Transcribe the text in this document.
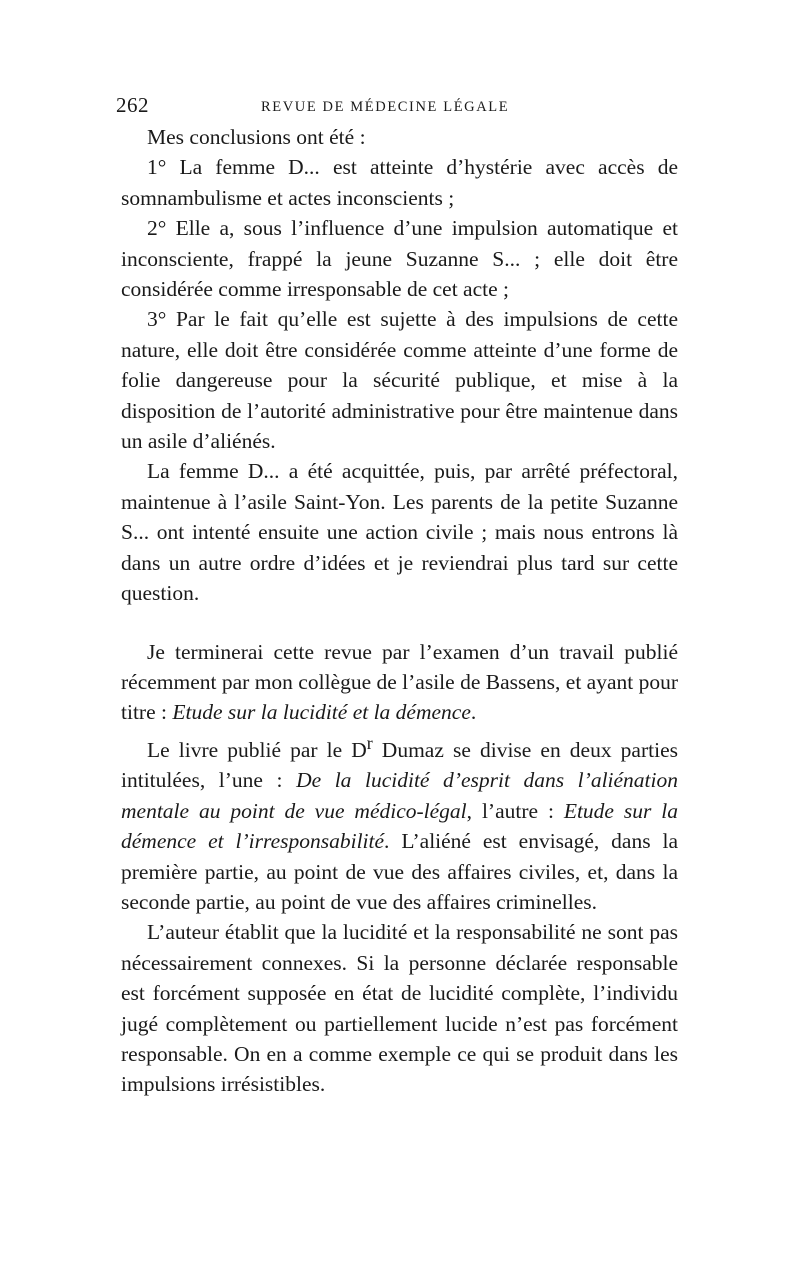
262	REVUE DE MÉDECINE LÉGALE

Mes conclusions ont été :

1° La femme D... est atteinte d’hystérie avec accès de somnambulisme et actes inconscients ;

2° Elle a, sous l’influence d’une impulsion automatique et inconsciente, frappé la jeune Suzanne S... ; elle doit être considérée comme irresponsable de cet acte ;

3° Par le fait qu’elle est sujette à des impulsions de cette nature, elle doit être considérée comme atteinte d’une forme de folie dangereuse pour la sécurité publique, et mise à la disposition de l’autorité administrative pour être maintenue dans un asile d’aliénés.

La femme D... a été acquittée, puis, par arrêté préfectoral, maintenue à l’asile Saint-Yon. Les parents de la petite Suzanne S... ont intenté ensuite une action civile ; mais nous entrons là dans un autre ordre d’idées et je reviendrai plus tard sur cette question.

Je terminerai cette revue par l’examen d’un travail publié récemment par mon collègue de l’asile de Bassens, et ayant pour titre : Etude sur la lucidité et la démence.

Le livre publié par le $D^r$ Dumaz se divise en deux parties intitulées, l’une : De la lucidité d’esprit dans l’aliénation mentale au point de vue médico-légal, l’autre : Etude sur la démence et l’irresponsabilité. L’aliéné est envisagé, dans la première partie, au point de vue des affaires civiles, et, dans la seconde partie, au point de vue des affaires criminelles.

L’auteur établit que la lucidité et la responsabilité ne sont pas nécessairement connexes. Si la personne déclarée responsable est forcément supposée en état de lucidité complète, l’individu jugé complètement ou partiellement lucide n’est pas forcément responsable. On en a comme exemple ce qui se produit dans les impulsions irrésistibles.
